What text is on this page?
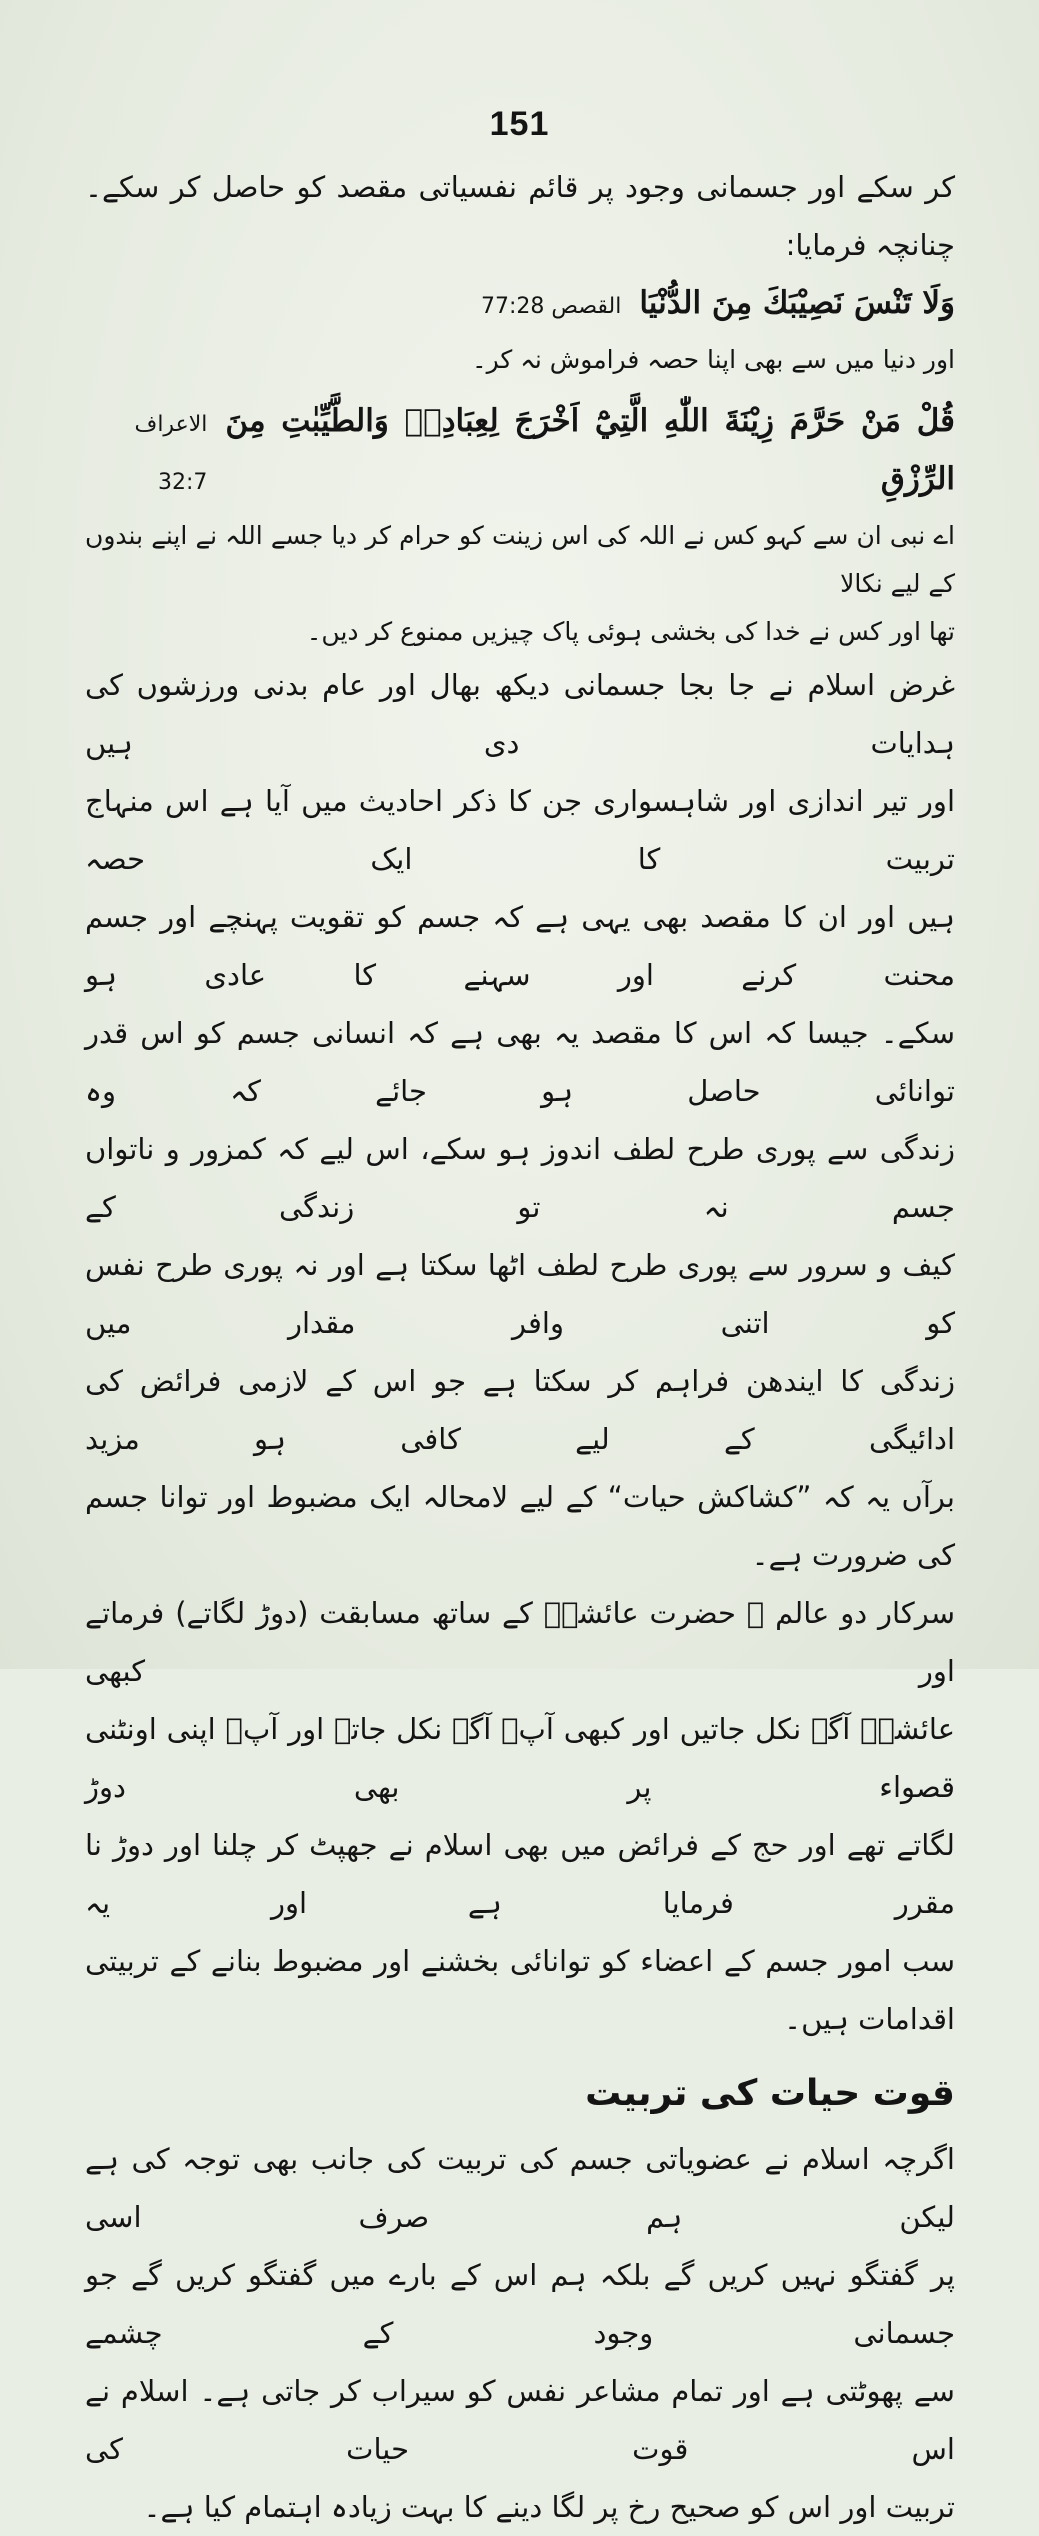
151

کر سکے اور جسمانی وجود پر قائم نفسیاتی مقصد کو حاصل کر سکے۔ چنانچہ فرمایا:

وَلَا تَنْسَ نَصِيْبَكَ مِنَ الدُّنْيَا
القصص 77:28

اور دنیا میں سے بھی اپنا حصہ فراموش نہ کر۔

قُلْ مَنْ حَرَّمَ زِيْنَةَ اللّٰهِ الَّتِيْٓ اَخْرَجَ لِعِبَادِهٖ وَالطَّيِّبٰتِ مِنَ الرِّزْقِ
الاعراف 32:7

اے نبی ان سے کہو کس نے اللہ کی اس زینت کو حرام کر دیا جسے اللہ نے اپنے بندوں کے لیے نکالا

تھا اور کس نے خدا کی بخشی ہوئی پاک چیزیں ممنوع کر دیں۔

غرض اسلام نے جا بجا جسمانی دیکھ بھال اور عام بدنی ورزشوں کی ہدایات دی ہیں

اور تیر اندازی اور شاہسواری جن کا ذکر احادیث میں آیا ہے اس منہاج تربیت کا ایک حصہ

ہیں اور ان کا مقصد بھی یہی ہے کہ جسم کو تقویت پہنچے اور جسم محنت کرنے اور سہنے کا عادی ہو

سکے۔ جیسا کہ اس کا مقصد یہ بھی ہے کہ انسانی جسم کو اس قدر توانائی حاصل ہو جائے کہ وہ

زندگی سے پوری طرح لطف اندوز ہو سکے، اس لیے کہ کمزور و ناتواں جسم نہ تو زندگی کے

کیف و سرور سے پوری طرح لطف اٹھا سکتا ہے اور نہ پوری طرح نفس کو اتنی وافر مقدار میں

زندگی کا ایندھن فراہم کر سکتا ہے جو اس کے لازمی فرائض کی ادائیگی کے لیے کافی ہو مزید

برآں یہ کہ ”کشاکش حیات“ کے لیے لامحالہ ایک مضبوط اور توانا جسم کی ضرورت ہے۔

سرکار دو عالم ﷺ حضرت عائشہؓ کے ساتھ مسابقت (دوڑ لگاتے) فرماتے اور کبھی

عائشہؓ آگے نکل جاتیں اور کبھی آپؐ آگے نکل جاتے اور آپؐ اپنی اونٹنی قصواء پر بھی دوڑ

لگاتے تھے اور حج کے فرائض میں بھی اسلام نے جھپٹ کر چلنا اور دوڑ نا مقرر فرمایا ہے اور یہ

سب امور جسم کے اعضاء کو توانائی بخشنے اور مضبوط بنانے کے تربیتی اقدامات ہیں۔

قوت حیات کی تربیت

اگرچہ اسلام نے عضویاتی جسم کی تربیت کی جانب بھی توجہ کی ہے لیکن ہم صرف اسی

پر گفتگو نہیں کریں گے بلکہ ہم اس کے بارے میں گفتگو کریں گے جو جسمانی وجود کے چشمے

سے پھوٹتی ہے اور تمام مشاعر نفس کو سیراب کر جاتی ہے۔ اسلام نے اس قوت حیات کی

تربیت اور اس کو صحیح رخ پر لگا دینے کا بہت زیادہ اہتمام کیا ہے۔
